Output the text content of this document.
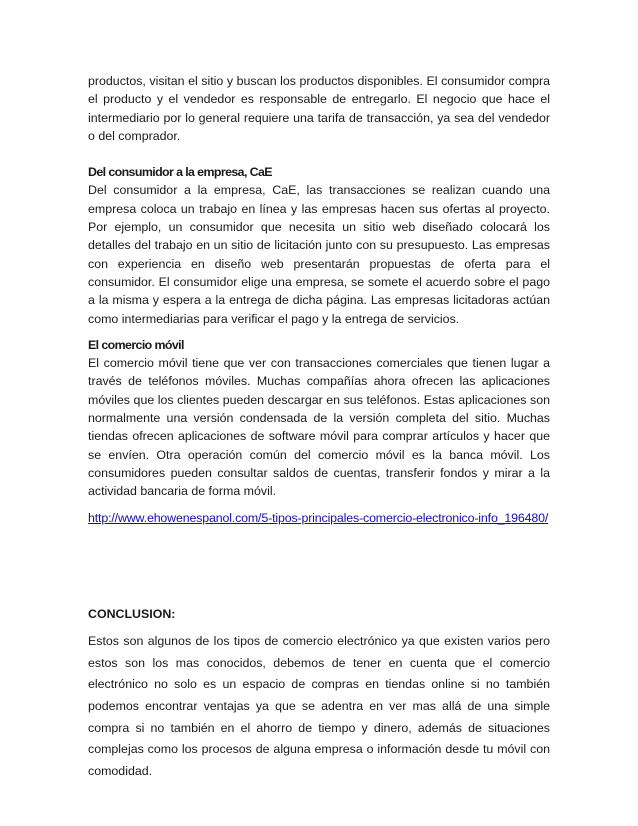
productos, visitan el sitio y buscan los productos disponibles. El consumidor compra el producto y el vendedor es responsable de entregarlo. El negocio que hace el intermediario por lo general requiere una tarifa de transacción, ya sea del vendedor o del comprador.

Del consumidor a la empresa, CaE

Del consumidor a la empresa, CaE, las transacciones se realizan cuando una empresa coloca un trabajo en línea y las empresas hacen sus ofertas al proyecto. Por ejemplo, un consumidor que necesita un sitio web diseñado colocará los detalles del trabajo en un sitio de licitación junto con su presupuesto. Las empresas con experiencia en diseño web presentarán propuestas de oferta para el consumidor. El consumidor elige una empresa, se somete el acuerdo sobre el pago a la misma y espera a la entrega de dicha página. Las empresas licitadoras actúan como intermediarias para verificar el pago y la entrega de servicios.

El comercio móvil

El comercio móvil tiene que ver con transacciones comerciales que tienen lugar a través de teléfonos móviles. Muchas compañías ahora ofrecen las aplicaciones móviles que los clientes pueden descargar en sus teléfonos. Estas aplicaciones son normalmente una versión condensada de la versión completa del sitio. Muchas tiendas ofrecen aplicaciones de software móvil para comprar artículos y hacer que se envíen. Otra operación común del comercio móvil es la banca móvil. Los consumidores pueden consultar saldos de cuentas, transferir fondos y mirar a la actividad bancaria de forma móvil.

http://www.ehowenespanol.com/5-tipos-principales-comercio-electronico-info_196480/
CONCLUSION:

Estos son algunos de los tipos de comercio electrónico ya que existen varios pero estos son los mas conocidos, debemos de tener en cuenta que el comercio electrónico no solo es un espacio de compras en tiendas online si no también podemos encontrar ventajas ya que se adentra en ver mas allá de una simple compra si no también en el ahorro de tiempo y dinero, además de situaciones complejas como los procesos de alguna empresa o información desde tu móvil con comodidad.
